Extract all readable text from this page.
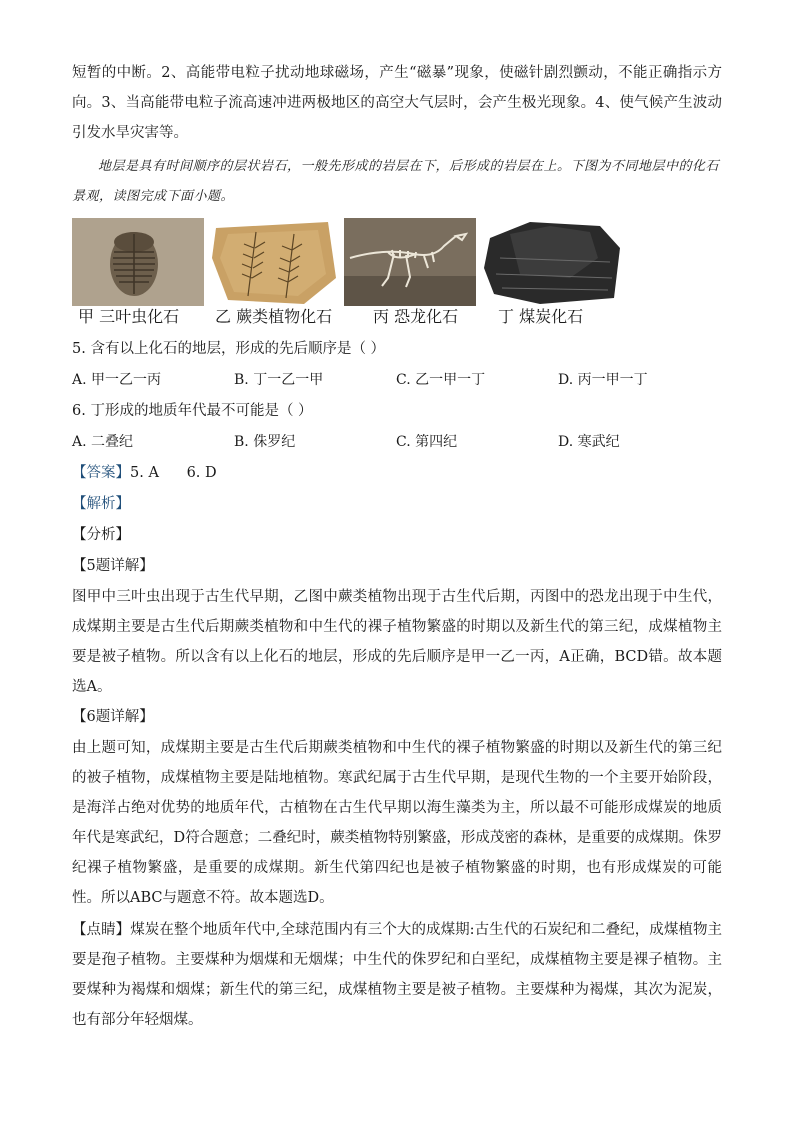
短暂的中断。2、高能带电粒子扰动地球磁场，产生“磁暴”现象，使磁针剧烈颤动，不能正确指示方向。3、当高能带电粒子流高速冲进两极地区的高空大气层时，会产生极光现象。4、使气候产生波动引发水旱灾害等。

地层是具有时间顺序的层状岩石，一般先形成的岩层在下，后形成的岩层在上。下图为不同地层中的化石景观，读图完成下面小题。

甲 三叶虫化石	乙 蕨类植物化石	丙 恐龙化石	丁 煤炭化石

5. 含有以上化石的地层，形成的先后顺序是（ ）

A. 甲一乙一丙	B. 丁一乙一甲	C. 乙一甲一丁	D. 丙一甲一丁

6. 丁形成的地质年代最不可能是（ ）

A. 二叠纪	B. 侏罗纪	C. 第四纪	D. 寒武纪

【答案】5. A      6. D

【解析】

【分析】

【5题详解】

图甲中三叶虫出现于古生代早期，乙图中蕨类植物出现于古生代后期，丙图中的恐龙出现于中生代，成煤期主要是古生代后期蕨类植物和中生代的裸子植物繁盛的时期以及新生代的第三纪，成煤植物主要是被子植物。所以含有以上化石的地层，形成的先后顺序是甲一乙一丙，A正确，BCD错。故本题选A。

【6题详解】

由上题可知，成煤期主要是古生代后期蕨类植物和中生代的裸子植物繁盛的时期以及新生代的第三纪的被子植物，成煤植物主要是陆地植物。寒武纪属于古生代早期，是现代生物的一个主要开始阶段，是海洋占绝对优势的地质年代，古植物在古生代早期以海生藻类为主，所以最不可能形成煤炭的地质年代是寒武纪，D符合题意；二叠纪时，蕨类植物特别繁盛，形成茂密的森林，是重要的成煤期。侏罗纪裸子植物繁盛，是重要的成煤期。新生代第四纪也是被子植物繁盛的时期，也有形成煤炭的可能性。所以ABC与题意不符。故本题选D。

【点睛】煤炭在整个地质年代中,全球范围内有三个大的成煤期:古生代的石炭纪和二叠纪，成煤植物主要是孢子植物。主要煤种为烟煤和无烟煤；中生代的侏罗纪和白垩纪，成煤植物主要是裸子植物。主要煤种为褐煤和烟煤；新生代的第三纪，成煤植物主要是被子植物。主要煤种为褐煤，其次为泥炭，也有部分年轻烟煤。
